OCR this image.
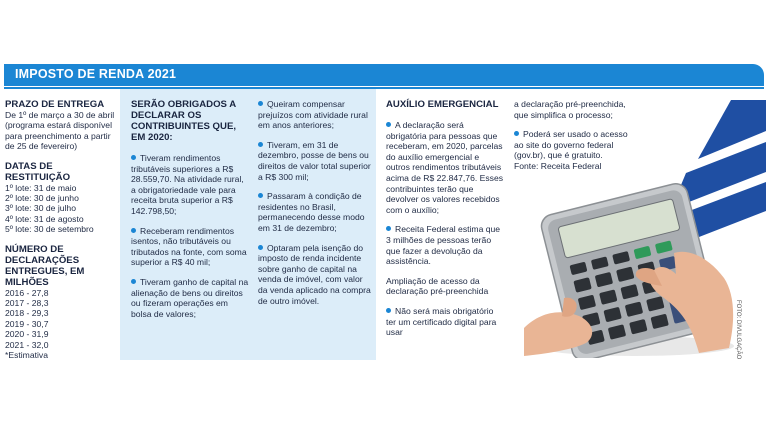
IMPOSTO DE RENDA 2021
PRAZO DE ENTREGA
De 1º de março a 30 de abril (programa estará disponível para preenchimento a partir de 25 de fevereiro)
DATAS DE RESTITUIÇÃO
1º lote: 31 de maio
2º lote: 30 de junho
3º lote: 30 de julho
4º lote: 31 de agosto
5º lote: 30 de setembro
NÚMERO DE DECLARAÇÕES ENTREGUES, EM MILHÕES
2016 - 27,8
2017 - 28,3
2018 - 29,3
2019 - 30,7
2020 - 31,9
2021 - 32,0
*Estimativa
SERÃO OBRIGADOS A DECLARAR OS CONTRIBUINTES QUE, EM 2020:
Tiveram rendimentos tributáveis superiores a R$ 28.559,70. Na atividade rural, a obrigatoriedade vale para receita bruta superior a R$ 142.798,50;
Receberam rendimentos isentos, não tributáveis ou tributados na fonte, com soma superior a R$ 40 mil;
Tiveram ganho de capital na alienação de bens ou direitos ou fizeram operações em bolsa de valores;
Queiram compensar prejuízos com atividade rural em anos anteriores;
Tiveram, em 31 de dezembro, posse de bens ou direitos de valor total superior a R$ 300 mil;
Passaram à condição de residentes no Brasil, permanecendo desse modo em 31 de dezembro;
Optaram pela isenção do imposto de renda incidente sobre ganho de capital na venda de imóvel, com valor da venda aplicado na compra de outro imóvel.
AUXÍLIO EMERGENCIAL
A declaração será obrigatória para pessoas que receberam, em 2020, parcelas do auxílio emergencial e outros rendimentos tributáveis acima de R$ 22.847,76. Esses contribuintes terão que devolver os valores recebidos com o auxílio;
Receita Federal estima que 3 milhões de pessoas terão que fazer a devolução da assistência.
Ampliação de acesso da declaração pré-preenchida
Não será mais obrigatório ter um certificado digital para usar
a declaração pré-preenchida, que simplifica o processo;
Poderá ser usado o acesso ao site do governo federal (gov.br), que é gratuito.
Fonte: Receita Federal
FOTO: DIVULGAÇÃO
